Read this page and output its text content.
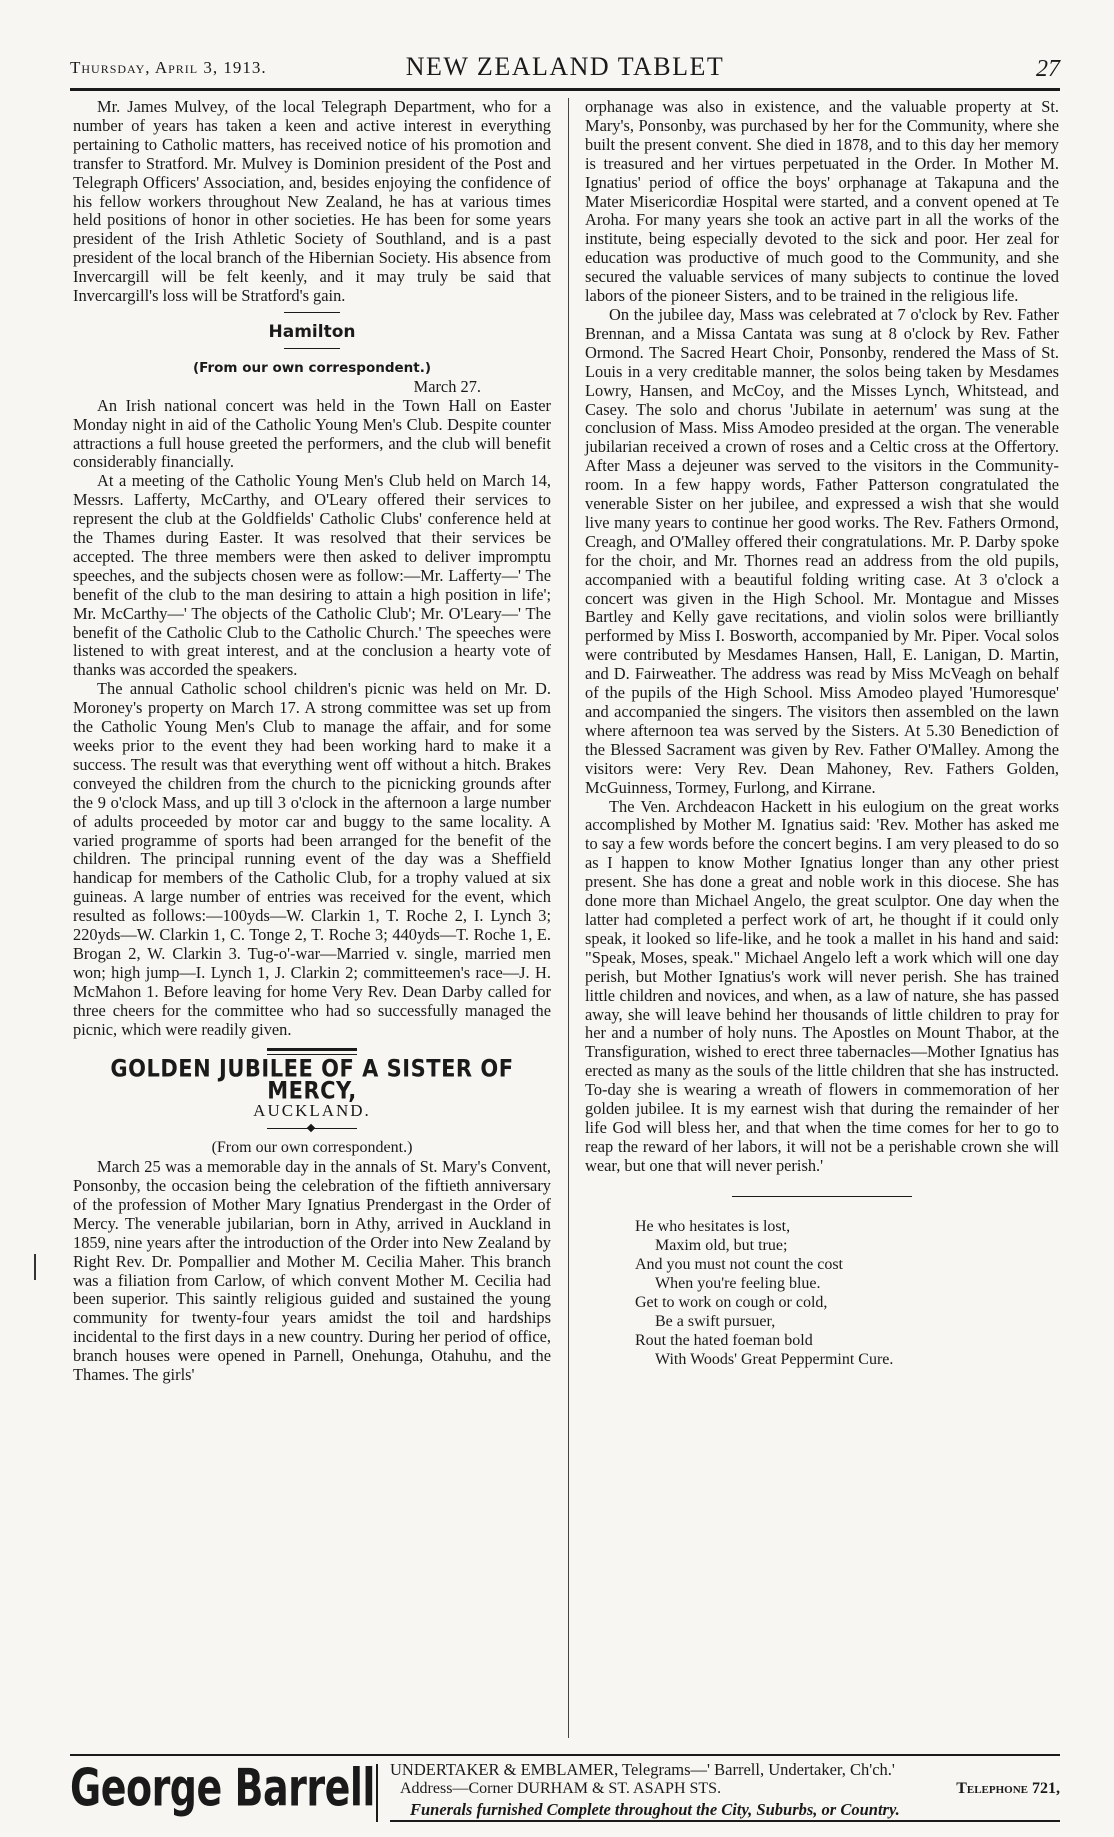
Thursday, April 3, 1913.	NEW ZEALAND TABLET	27

Mr. James Mulvey, of the local Telegraph Department, who for a number of years has taken a keen and active interest in everything pertaining to Catholic matters, has received notice of his promotion and transfer to Stratford. Mr. Mulvey is Dominion president of the Post and Telegraph Officers' Association, and, besides enjoying the confidence of his fellow workers throughout New Zealand, he has at various times held positions of honor in other societies. He has been for some years president of the Irish Athletic Society of Southland, and is a past president of the local branch of the Hibernian Society. His absence from Invercargill will be felt keenly, and it may truly be said that Invercargill's loss will be Stratford's gain.

Hamilton
(From our own correspondent.)

March 27.

An Irish national concert was held in the Town Hall on Easter Monday night in aid of the Catholic Young Men's Club. Despite counter attractions a full house greeted the performers, and the club will benefit considerably financially.

At a meeting of the Catholic Young Men's Club held on March 14, Messrs. Lafferty, McCarthy, and O'Leary offered their services to represent the club at the Goldfields' Catholic Clubs' conference held at the Thames during Easter. It was resolved that their services be accepted. The three members were then asked to deliver impromptu speeches, and the subjects chosen were as follow:—Mr. Lafferty—' The benefit of the club to the man desiring to attain a high position in life'; Mr. McCarthy—' The objects of the Catholic Club'; Mr. O'Leary—' The benefit of the Catholic Club to the Catholic Church.' The speeches were listened to with great interest, and at the conclusion a hearty vote of thanks was accorded the speakers.

The annual Catholic school children's picnic was held on Mr. D. Moroney's property on March 17. A strong committee was set up from the Catholic Young Men's Club to manage the affair, and for some weeks prior to the event they had been working hard to make it a success. The result was that everything went off without a hitch. Brakes conveyed the children from the church to the picnicking grounds after the 9 o'clock Mass, and up till 3 o'clock in the afternoon a large number of adults proceeded by motor car and buggy to the same locality. A varied programme of sports had been arranged for the benefit of the children. The principal running event of the day was a Sheffield handicap for members of the Catholic Club, for a trophy valued at six guineas. A large number of entries was received for the event, which resulted as follows:—100yds—W. Clarkin 1, T. Roche 2, I. Lynch 3; 220yds—W. Clarkin 1, C. Tonge 2, T. Roche 3; 440yds—T. Roche 1, E. Brogan 2, W. Clarkin 3. Tug-o'-war—Married v. single, married men won; high jump—I. Lynch 1, J. Clarkin 2; committeemen's race—J. H. McMahon 1. Before leaving for home Very Rev. Dean Darby called for three cheers for the committee who had so successfully managed the picnic, which were readily given.

GOLDEN JUBILEE OF A SISTER OF MERCY,
AUCKLAND.
(From our own correspondent.)

March 25 was a memorable day in the annals of St. Mary's Convent, Ponsonby, the occasion being the celebration of the fiftieth anniversary of the profession of Mother Mary Ignatius Prendergast in the Order of Mercy. The venerable jubilarian, born in Athy, arrived in Auckland in 1859, nine years after the introduction of the Order into New Zealand by Right Rev. Dr. Pompallier and Mother M. Cecilia Maher. This branch was a filiation from Carlow, of which convent Mother M. Cecilia had been superior. This saintly religious guided and sustained the young community for twenty-four years amidst the toil and hardships incidental to the first days in a new country. During her period of office, branch houses were opened in Parnell, Onehunga, Otahuhu, and the Thames. The girls'

orphanage was also in existence, and the valuable property at St. Mary's, Ponsonby, was purchased by her for the Community, where she built the present convent. She died in 1878, and to this day her memory is treasured and her virtues perpetuated in the Order. In Mother M. Ignatius' period of office the boys' orphanage at Takapuna and the Mater Misericordiæ Hospital were started, and a convent opened at Te Aroha. For many years she took an active part in all the works of the institute, being especially devoted to the sick and poor. Her zeal for education was productive of much good to the Community, and she secured the valuable services of many subjects to continue the loved labors of the pioneer Sisters, and to be trained in the religious life.

On the jubilee day, Mass was celebrated at 7 o'clock by Rev. Father Brennan, and a Missa Cantata was sung at 8 o'clock by Rev. Father Ormond. The Sacred Heart Choir, Ponsonby, rendered the Mass of St. Louis in a very creditable manner, the solos being taken by Mesdames Lowry, Hansen, and McCoy, and the Misses Lynch, Whitstead, and Casey. The solo and chorus 'Jubilate in aeternum' was sung at the conclusion of Mass. Miss Amodeo presided at the organ. The venerable jubilarian received a crown of roses and a Celtic cross at the Offertory. After Mass a dejeuner was served to the visitors in the Community-room. In a few happy words, Father Patterson congratulated the venerable Sister on her jubilee, and expressed a wish that she would live many years to continue her good works. The Rev. Fathers Ormond, Creagh, and O'Malley offered their congratulations. Mr. P. Darby spoke for the choir, and Mr. Thornes read an address from the old pupils, accompanied with a beautiful folding writing case. At 3 o'clock a concert was given in the High School. Mr. Montague and Misses Bartley and Kelly gave recitations, and violin solos were brilliantly performed by Miss I. Bosworth, accompanied by Mr. Piper. Vocal solos were contributed by Mesdames Hansen, Hall, E. Lanigan, D. Martin, and D. Fairweather. The address was read by Miss McVeagh on behalf of the pupils of the High School. Miss Amodeo played 'Humoresque' and accompanied the singers. The visitors then assembled on the lawn where afternoon tea was served by the Sisters. At 5.30 Benediction of the Blessed Sacrament was given by Rev. Father O'Malley. Among the visitors were: Very Rev. Dean Mahoney, Rev. Fathers Golden, McGuinness, Tormey, Furlong, and Kirrane.

The Ven. Archdeacon Hackett in his eulogium on the great works accomplished by Mother M. Ignatius said: 'Rev. Mother has asked me to say a few words before the concert begins. I am very pleased to do so as I happen to know Mother Ignatius longer than any other priest present. She has done a great and noble work in this diocese. She has done more than Michael Angelo, the great sculptor. One day when the latter had completed a perfect work of art, he thought if it could only speak, it looked so life-like, and he took a mallet in his hand and said: "Speak, Moses, speak." Michael Angelo left a work which will one day perish, but Mother Ignatius's work will never perish. She has trained little children and novices, and when, as a law of nature, she has passed away, she will leave behind her thousands of little children to pray for her and a number of holy nuns. The Apostles on Mount Thabor, at the Transfiguration, wished to erect three tabernacles—Mother Ignatius has erected as many as the souls of the little children that she has instructed. To-day she is wearing a wreath of flowers in commemoration of her golden jubilee. It is my earnest wish that during the remainder of her life God will bless her, and that when the time comes for her to go to reap the reward of her labors, it will not be a perishable crown she will wear, but one that will never perish.'

He who hesitates is lost,
Maxim old, but true;
And you must not count the cost
When you're feeling blue.
Get to work on cough or cold,
Be a swift pursuer,
Rout the hated foeman bold
With Woods' Great Peppermint Cure.
George Barrell UNDERTAKER & EMBLAMER, Telegrams—' Barrell, Undertaker, Ch'ch.'
Address—Corner DURHAM & ST. ASAPH STS.	Telephone 721,
Funerals furnished Complete throughout the City, Suburbs, or Country.
